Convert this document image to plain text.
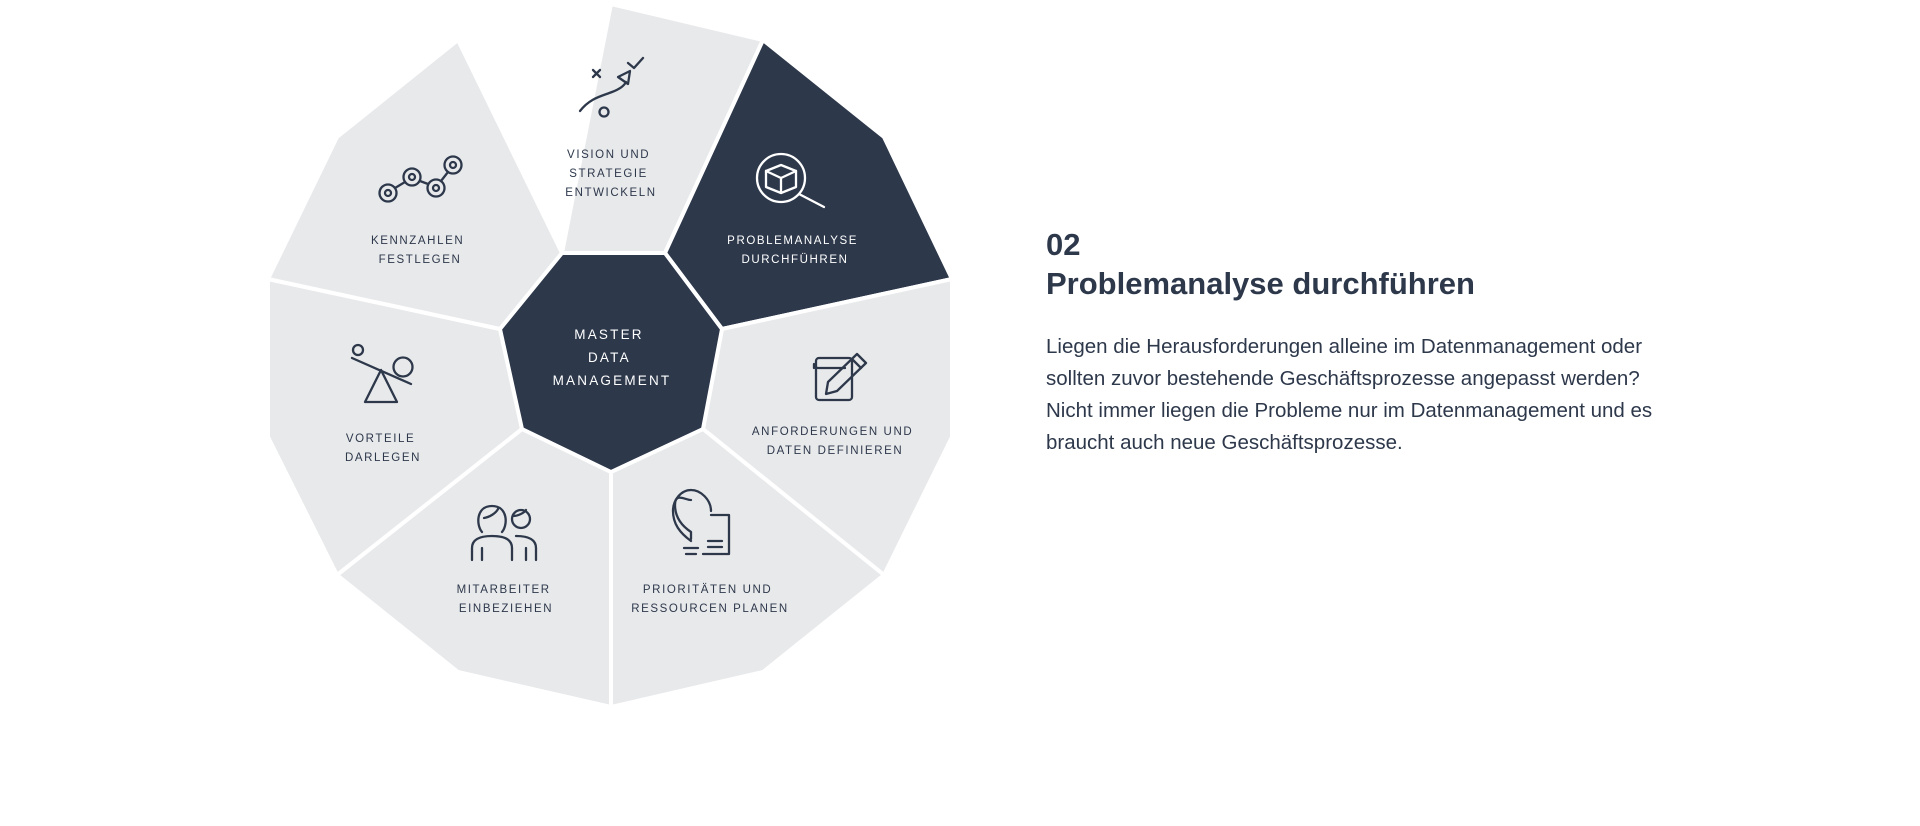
MASTER DATA MANAGEMENT
VISION UND STRATEGIE ENTWICKELN
PROBLEMANALYSE DURCHFÜHREN
ANFORDERUNGEN UND DATEN DEFINIEREN
PRIORITÄTEN UND RESSOURCEN PLANEN
MITARBEITER EINBEZIEHEN
VORTEILE DARLEGEN
KENNZAHLEN FESTLEGEN	02
Problemanalyse durchführen
Liegen die Herausforderungen alleine im Datenmanagement oder sollten zuvor bestehende Geschäftsprozesse angepasst werden? Nicht immer liegen die Probleme nur im Datenmanagement und es braucht auch neue Geschäftsprozesse.
